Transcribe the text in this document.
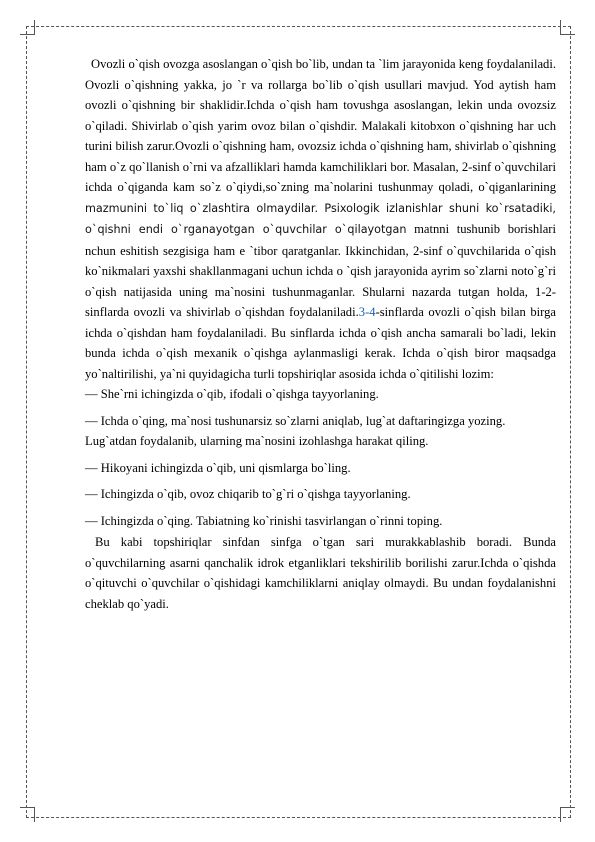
Ovozli o`qish ovozga asoslangan o`qish bo`lib, undan ta `lim jarayonida keng foydalaniladi. Ovozli o`qishning yakka, jo `r va rollarga bo`lib o`qish usullari mavjud. Yod aytish ham ovozli o`qishning bir shaklidir.Ichda o`qish ham tovushga asoslangan, lekin unda ovozsiz o`qiladi. Shivirlab o`qish yarim ovoz bilan o`qishdir. Malakali kitobxon o`qishning har uch turini bilish zarur.Ovozli o`qishning ham, ovozsiz ichda o`qishning ham, shivirlab o`qishning ham o`z qo`llanish o`rni va afzalliklari hamda kamchiliklari bor. Masalan, 2-sinf o`quvchilari ichda o`qiganda kam so`z o`qiydi,so`zning ma`nolarini tushunmay qoladi, o`qiganlarining mazmunini to`liq o`zlashtira olmaydilar. Psixologik izlanishlar shuni ko`rsatadiki, o`qishni endi o`rganayotgan o`quvchilar o`qilayotgan matnni tushunib borishlari nchun eshitish sezgisiga ham e `tibor qaratganlar. Ikkinchidan, 2-sinf o`quvchilarida o`qish ko`nikmalari yaxshi shakllanmagani uchun ichda o `qish jarayonida ayrim so`zlarni noto`g`ri o`qish natijasida uning ma`nosini tushunmaganlar. Shularni nazarda tutgan holda, 1-2-sinflarda ovozli va shivirlab o`qishdan foydalaniladi.3-4-sinflarda ovozli o`qish bilan birga ichda o`qishdan ham foydalaniladi. Bu sinflarda ichda o`qish ancha samarali bo`ladi, lekin bunda ichda o`qish mexanik o`qishga aylanmasligi kerak. Ichda o`qish biror maqsadga yo`naltirilishi, ya`ni quyidagicha turli topshiriqlar asosida ichda o`qitilishi lozim:

— She`rni ichingizda o`qib, ifodali o`qishga tayyorlaning.

— Ichda o`qing, ma`nosi tushunarsiz so`zlarni aniqlab, lug`at daftaringizga yozing. Lug`atdan foydalanib, ularning ma`nosini izohlashga harakat qiling.

— Hikoyani ichingizda o`qib, uni qismlarga bo`ling.

— Ichingizda o`qib, ovoz chiqarib to`g`ri o`qishga tayyorlaning.

— Ichingizda o`qing. Tabiatning ko`rinishi tasvirlangan o`rinni toping.

Bu kabi topshiriqlar sinfdan sinfga o`tgan sari murakkablashib boradi. Bunda o`quvchilarning asarni qanchalik idrok etganliklari tekshirilib borilishi zarur.Ichda o`qishda o`qituvchi o`quvchilar o`qishidagi kamchiliklarni aniqlay olmaydi. Bu undan foydalanishni cheklab qo`yadi.
